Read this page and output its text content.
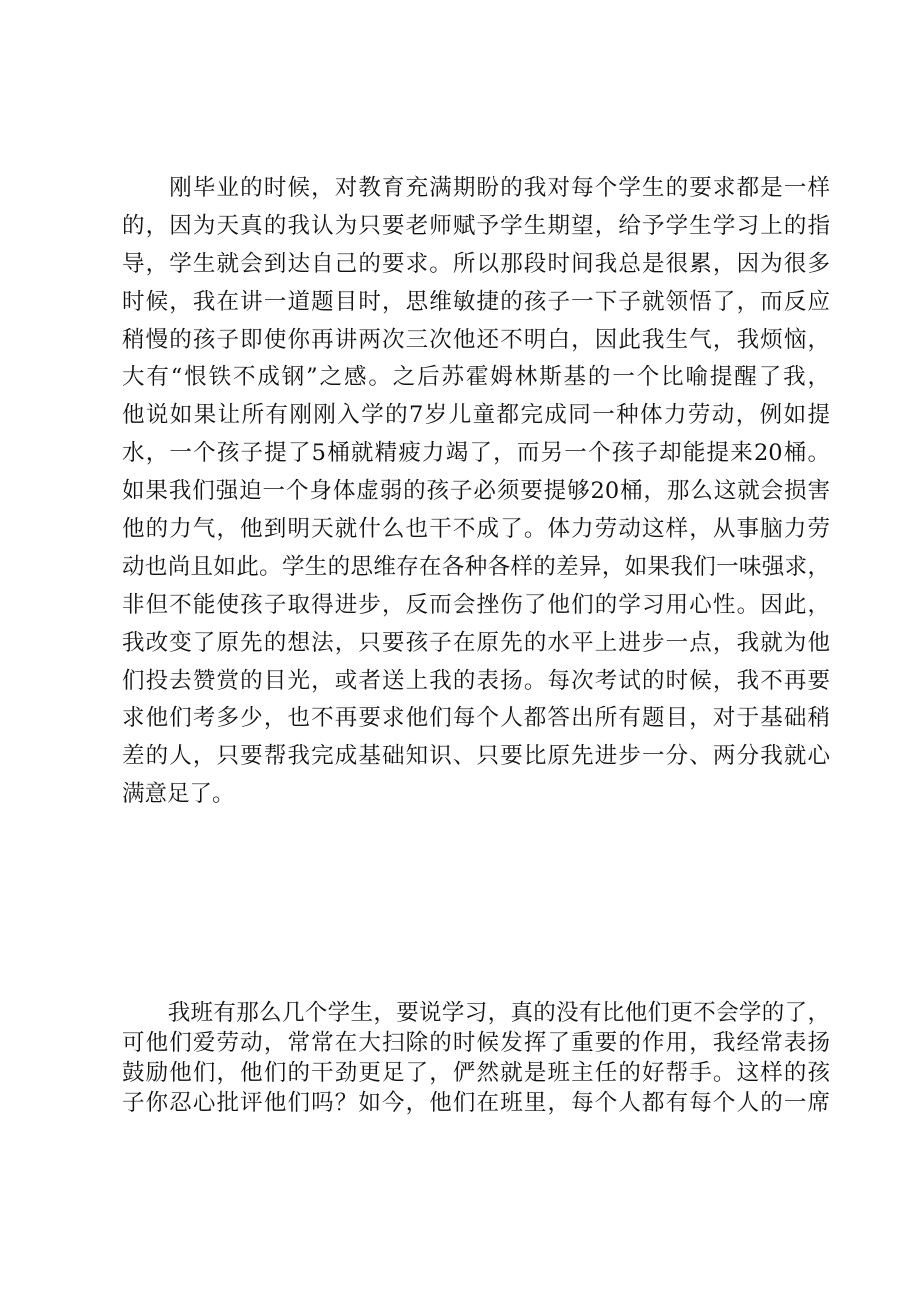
　　刚毕业的时候，对教育充满期盼的我对每个学生的要求都是一样
的，因为天真的我认为只要老师赋予学生期望，给予学生学习上的指
导，学生就会到达自己的要求。所以那段时间我总是很累，因为很多
时候，我在讲一道题目时，思维敏捷的孩子一下子就领悟了，而反应
稍慢的孩子即使你再讲两次三次他还不明白，因此我生气，我烦恼，
大有“恨铁不成钢”之感。之后苏霍姆林斯基的一个比喻提醒了我，
他说如果让所有刚刚入学的7岁儿童都完成同一种体力劳动，例如提
水，一个孩子提了5桶就精疲力竭了，而另一个孩子却能提来20桶。
如果我们强迫一个身体虚弱的孩子必须要提够20桶，那么这就会损害
他的力气，他到明天就什么也干不成了。体力劳动这样，从事脑力劳
动也尚且如此。学生的思维存在各种各样的差异，如果我们一味强求，
非但不能使孩子取得进步，反而会挫伤了他们的学习用心性。因此，
我改变了原先的想法，只要孩子在原先的水平上进步一点，我就为他
们投去赞赏的目光，或者送上我的表扬。每次考试的时候，我不再要
求他们考多少，也不再要求他们每个人都答出所有题目，对于基础稍
差的人，只要帮我完成基础知识、只要比原先进步一分、两分我就心
满意足了。
　　我班有那么几个学生，要说学习，真的没有比他们更不会学的了，
可他们爱劳动，常常在大扫除的时候发挥了重要的作用，我经常表扬
鼓励他们，他们的干劲更足了，俨然就是班主任的好帮手。这样的孩
子你忍心批评他们吗？如今，他们在班里，每个人都有每个人的一席
